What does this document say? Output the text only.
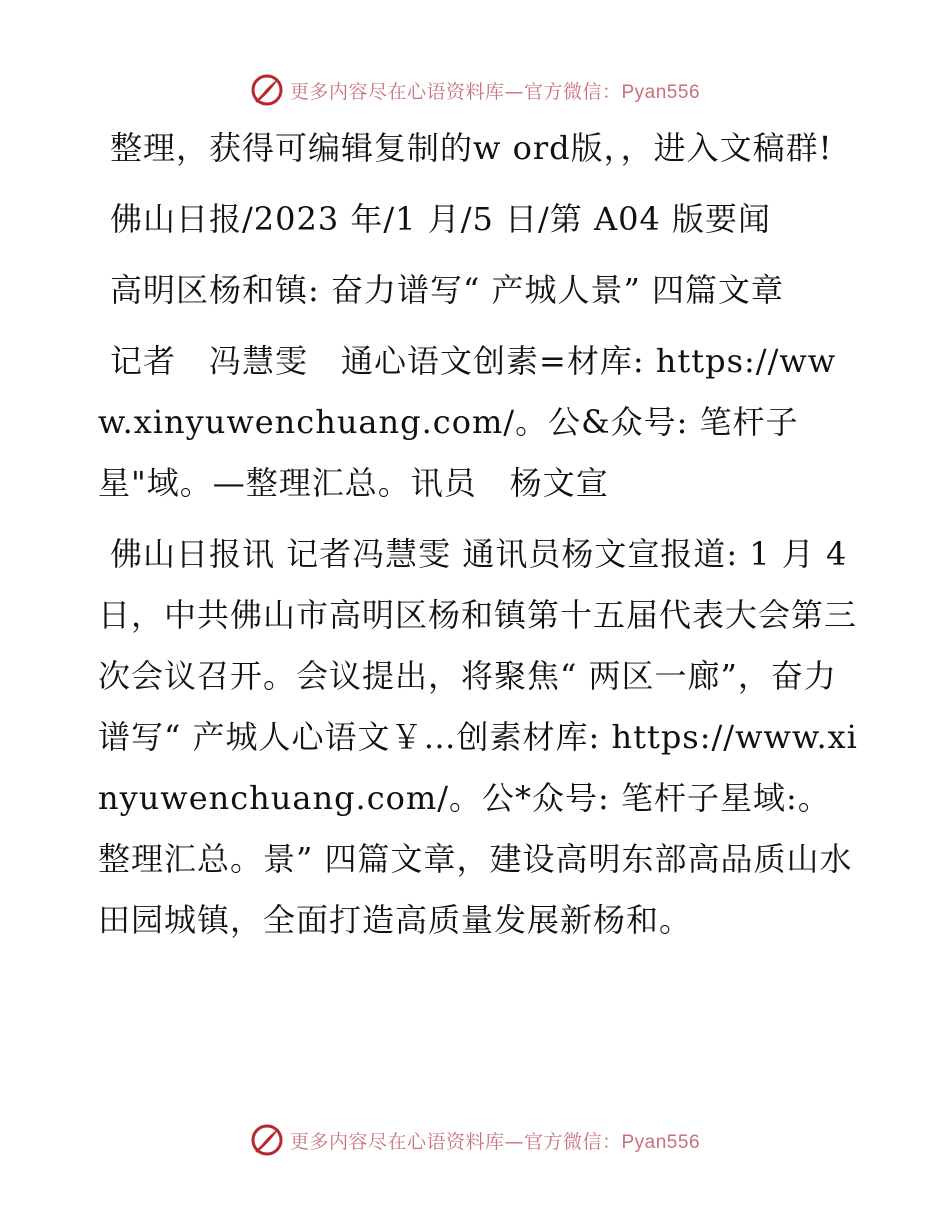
更多内容尽在心语资料库—官方微信：Pyan556

整理，获得可编辑复制的w ord版，，进入文稿群!

佛山日报/2023 年/1 月/5 日/第 A04 版要闻

高明区杨和镇: 奋力谱写“ 产城人景” 四篇文章

记者　冯慧雯　通心语文创素=材库: https://www.xinyuwenchuang.com/。公&众号: 笔杆子星"域。—整理汇总。讯员　杨文宣

佛山日报讯 记者冯慧雯 通讯员杨文宣报道: 1 月 4 日，中共佛山市高明区杨和镇第十五届代表大会第三次会议召开。会议提出，将聚焦“ 两区一廊”，奋力谱写“ 产城人心语文￥…创素材库: https://www.xinyuwenchuang.com/。公*众号: 笔杆子星域:。整理汇总。景” 四篇文章，建设高明东部高品质山水田园城镇，全面打造高质量发展新杨和。

更多内容尽在心语资料库—官方微信：Pyan556
